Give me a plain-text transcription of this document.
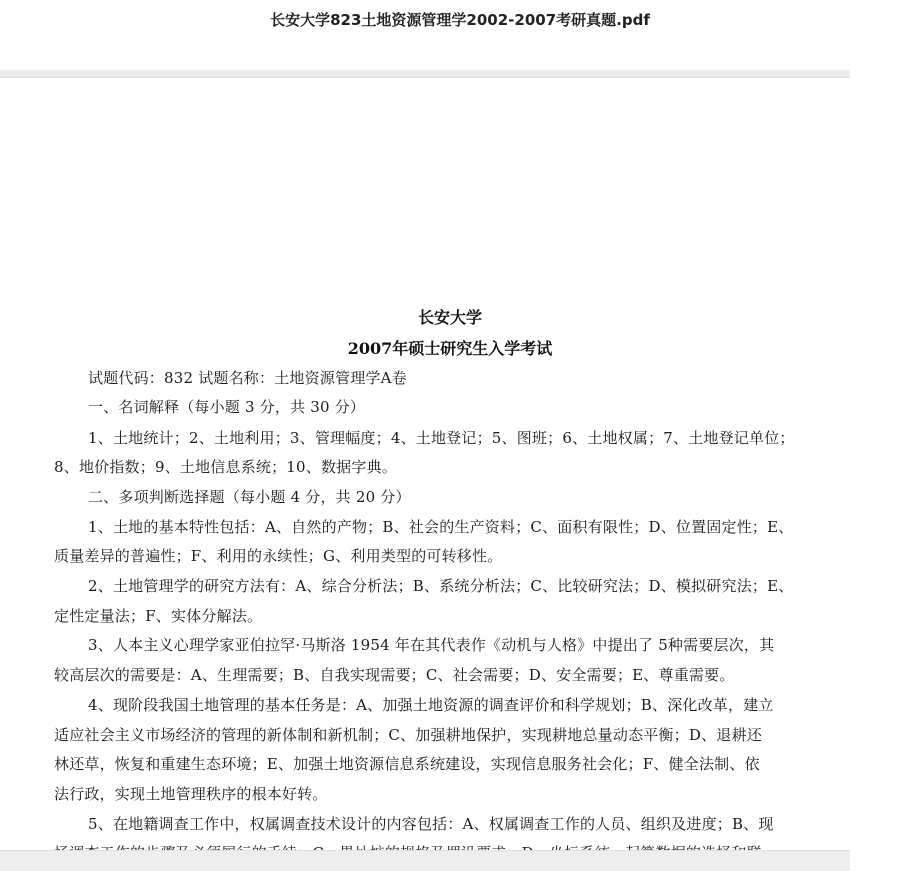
长安大学823土地资源管理学2002-2007考研真题.pdf
长安大学
2007年硕士研究生入学考试
试题代码：832 试题名称：土地资源管理学A卷
一、名词解释（每小题 3 分，共 30 分）
1、土地统计；2、土地利用；3、管理幅度；4、土地登记；5、图班；6、土地权属；7、土地登记单位；
8、地价指数；9、土地信息系统；10、数据字典。
二、多项判断选择题（每小题 4 分，共 20 分）
1、土地的基本特性包括：A、自然的产物；B、社会的生产资料；C、面积有限性；D、位置固定性；E、
质量差异的普遍性；F、利用的永续性；G、利用类型的可转移性。
2、土地管理学的研究方法有：A、综合分析法；B、系统分析法；C、比较研究法；D、模拟研究法；E、
定性定量法；F、实体分解法。
3、人本主义心理学家亚伯拉罕·马斯洛 1954 年在其代表作《动机与人格》中提出了 5种需要层次，其
较高层次的需要是：A、生理需要；B、自我实现需要；C、社会需要；D、安全需要；E、尊重需要。
4、现阶段我国土地管理的基本任务是：A、加强土地资源的调查评价和科学规划；B、深化改革，建立
适应社会主义市场经济的管理的新体制和新机制；C、加强耕地保护，实现耕地总量动态平衡；D、退耕还
林还草，恢复和重建生态环境；E、加强土地资源信息系统建设，实现信息服务社会化；F、健全法制、依
法行政，实现土地管理秩序的根本好转。
5、在地籍调查工作中，权属调查技术设计的内容包括：A、权属调查工作的人员、组织及进度；B、现
